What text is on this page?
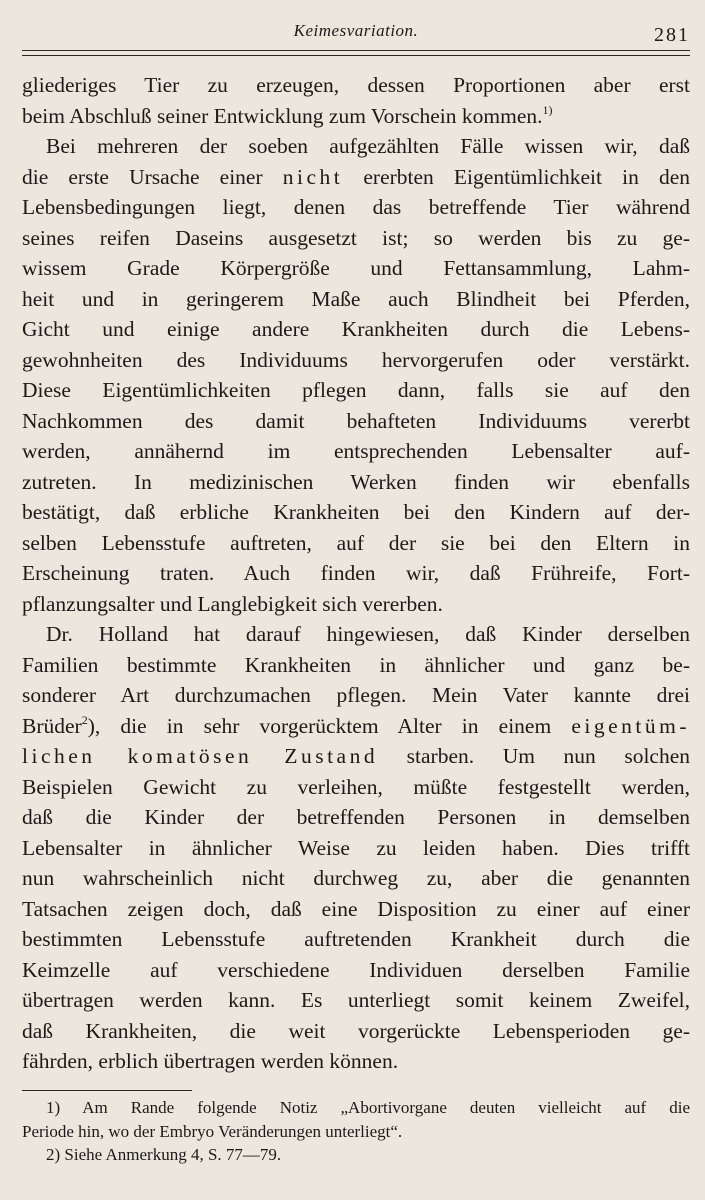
Keimesvariation.	281
gliederiges Tier zu erzeugen, dessen Proportionen aber erst
beim Abschluß seiner Entwicklung zum Vorschein kommen.$^{1)}$
Bei mehreren der soeben aufgezählten Fälle wissen wir, daß
die erste Ursache einer nicht ererbten Eigentümlichkeit in den
Lebensbedingungen liegt, denen das betreffende Tier während
seines reifen Daseins ausgesetzt ist; so werden bis zu ge-
wissem Grade Körpergröße und Fettansammlung, Lahm-
heit und in geringerem Maße auch Blindheit bei Pferden,
Gicht und einige andere Krankheiten durch die Lebens-
gewohnheiten des Individuums hervorgerufen oder verstärkt.
Diese Eigentümlichkeiten pflegen dann, falls sie auf den
Nachkommen des damit behafteten Individuums vererbt
werden, annähernd im entsprechenden Lebensalter auf-
zutreten. In medizinischen Werken finden wir ebenfalls
bestätigt, daß erbliche Krankheiten bei den Kindern auf der-
selben Lebensstufe auftreten, auf der sie bei den Eltern in
Erscheinung traten. Auch finden wir, daß Frühreife, Fort-
pflanzungsalter und Langlebigkeit sich vererben.
Dr. Holland hat darauf hingewiesen, daß Kinder derselben
Familien bestimmte Krankheiten in ähnlicher und ganz be-
sonderer Art durchzumachen pflegen. Mein Vater kannte drei
Brüder$^2$), die in sehr vorgerücktem Alter in einem eigentüm-
lichen komatösen Zustand starben. Um nun solchen
Beispielen Gewicht zu verleihen, müßte festgestellt werden,
daß die Kinder der betreffenden Personen in demselben
Lebensalter in ähnlicher Weise zu leiden haben. Dies trifft
nun wahrscheinlich nicht durchweg zu, aber die genannten
Tatsachen zeigen doch, daß eine Disposition zu einer auf einer
bestimmten Lebensstufe auftretenden Krankheit durch die
Keimzelle auf verschiedene Individuen derselben Familie
übertragen werden kann. Es unterliegt somit keinem Zweifel,
daß Krankheiten, die weit vorgerückte Lebensperioden ge-
fährden, erblich übertragen werden können.
1) Am Rande folgende Notiz „Abortivorgane deuten vielleicht auf die
Periode hin, wo der Embryo Veränderungen unterliegt“.
2) Siehe Anmerkung 4, S. 77—79.
